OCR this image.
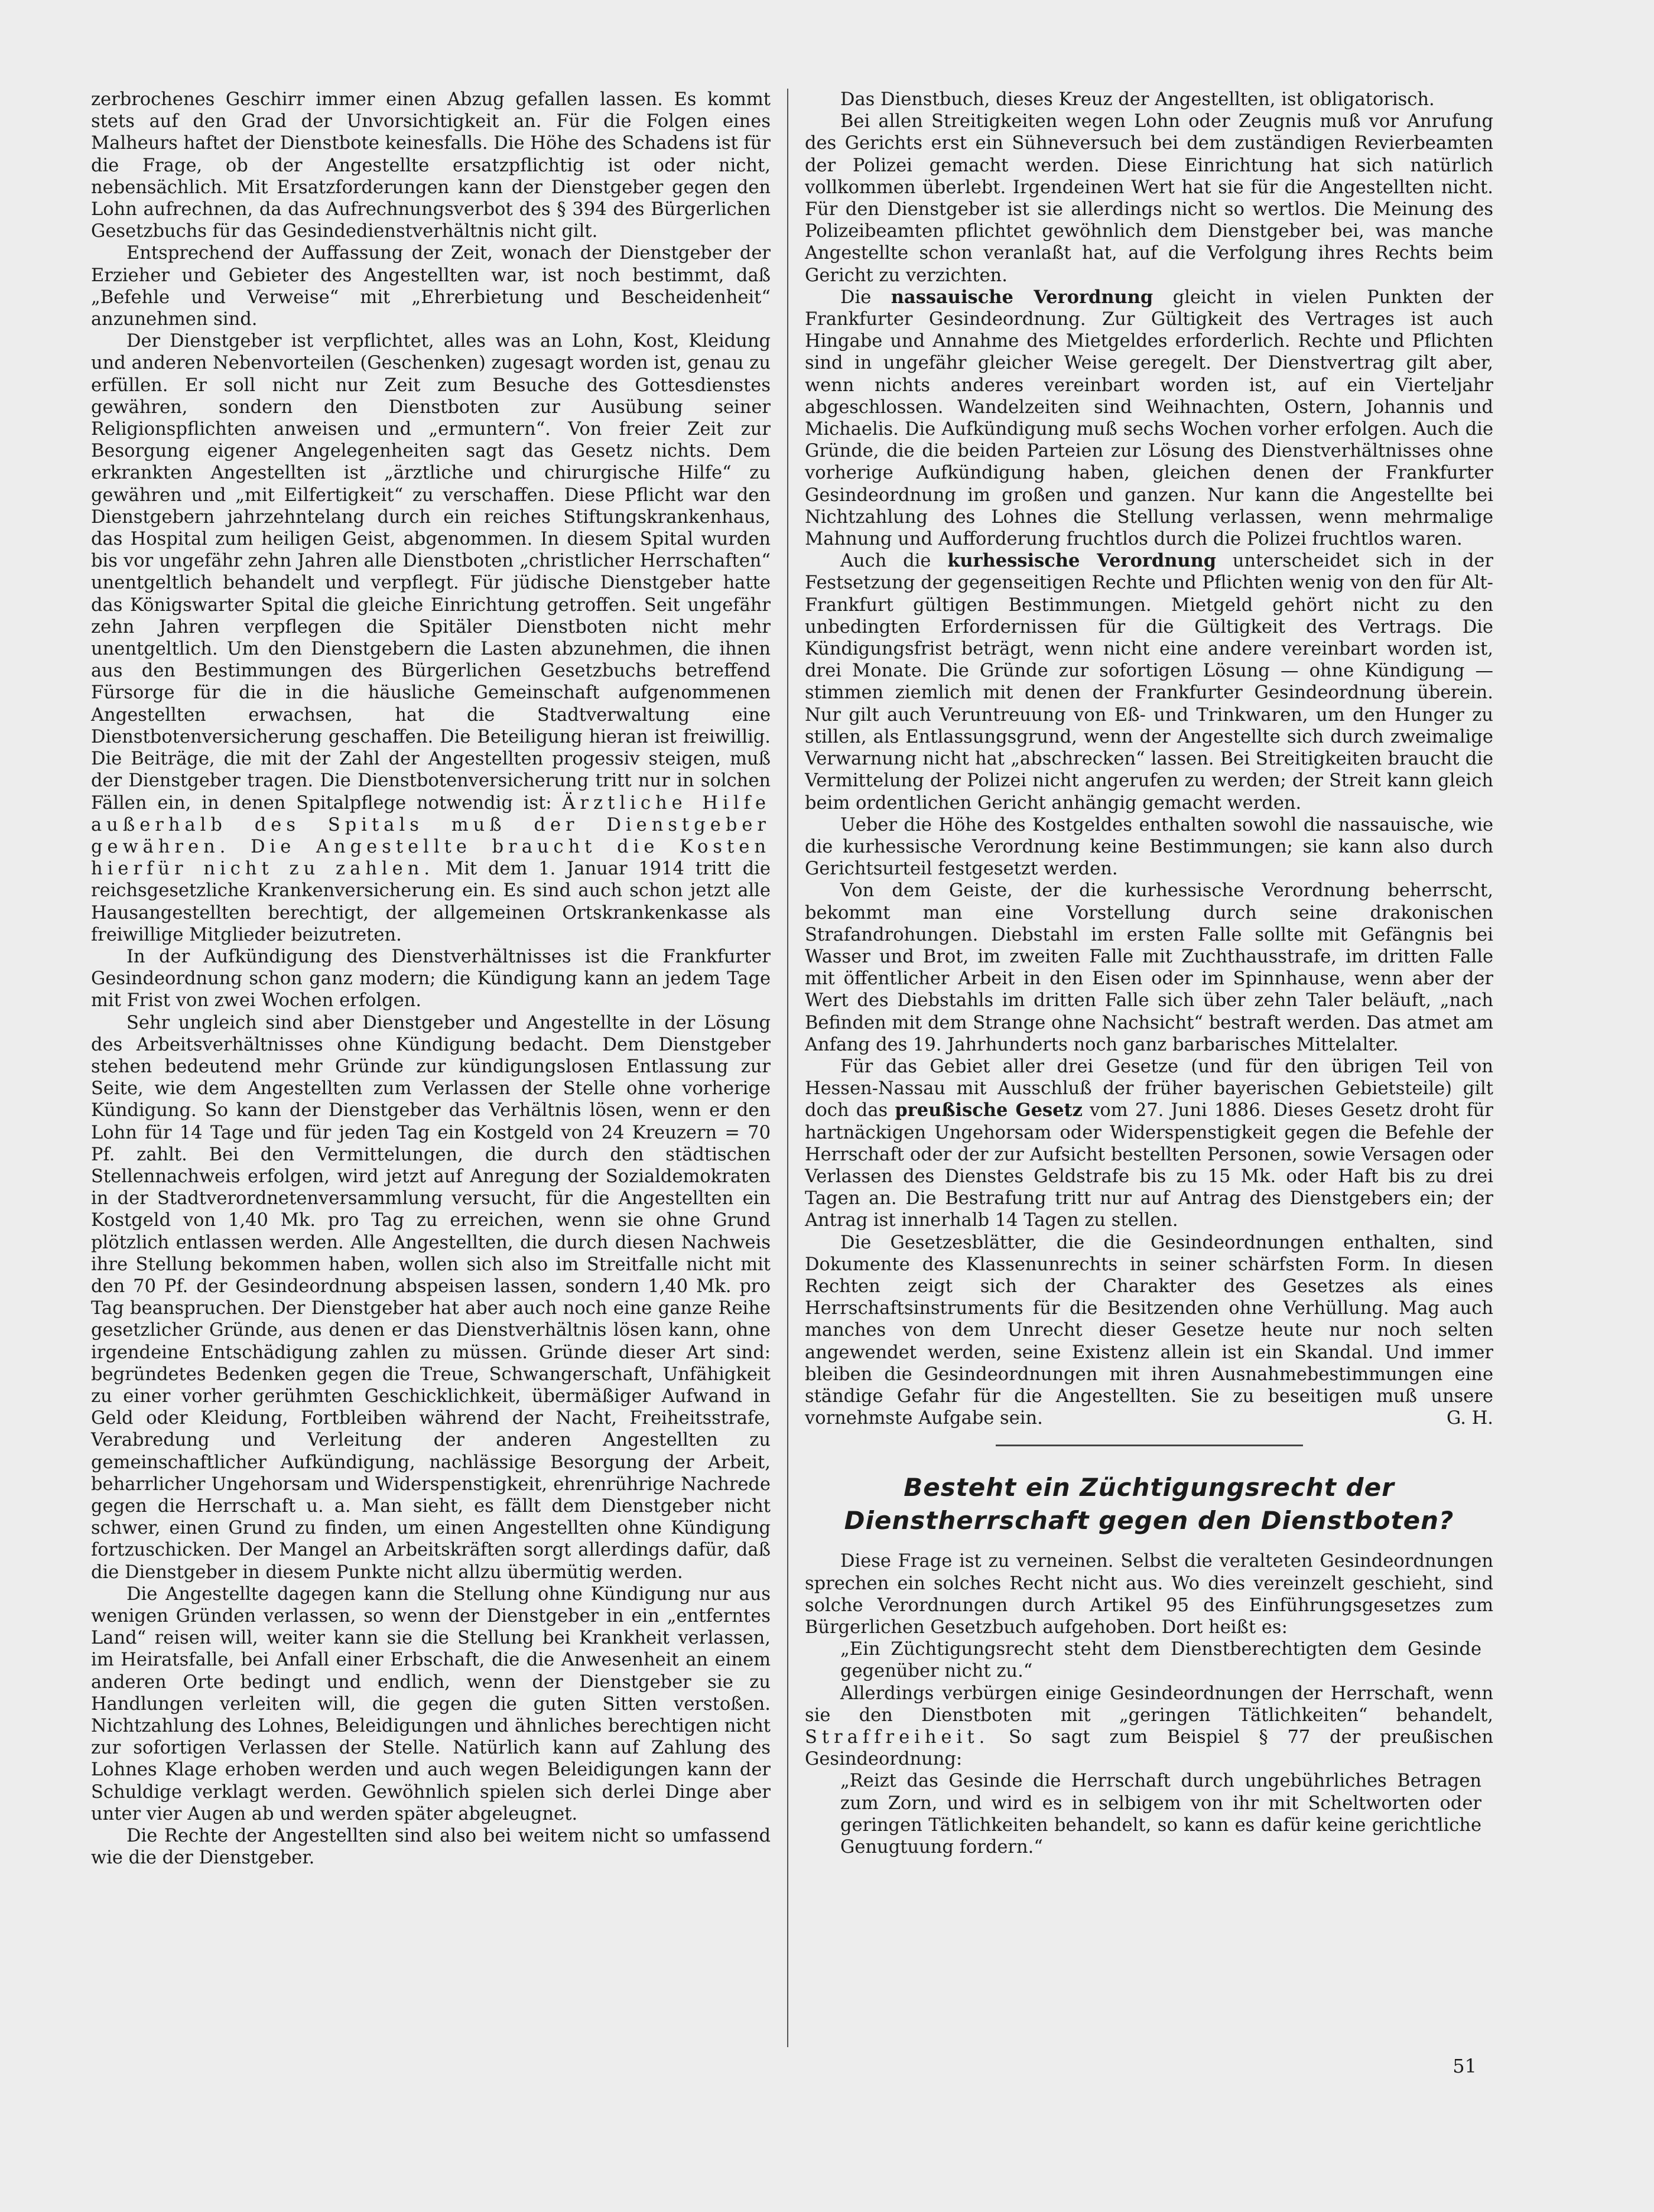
zerbrochenes Geschirr immer einen Abzug gefallen lassen. Es kommt stets auf den Grad der Unvorsichtigkeit an. Für die Folgen eines Malheurs haftet der Dienstbote keinesfalls. Die Höhe des Schadens ist für die Frage, ob der Angestellte ersatzpflichtig ist oder nicht, nebensächlich. Mit Ersatzforderungen kann der Dienstgeber gegen den Lohn aufrechnen, da das Aufrechnungsverbot des § 394 des Bürgerlichen Gesetzbuchs für das Gesindedienstverhältnis nicht gilt.

Entsprechend der Auffassung der Zeit, wonach der Dienstgeber der Erzieher und Gebieter des Angestellten war, ist noch bestimmt, daß „Befehle und Verweise“ mit „Ehrerbietung und Bescheidenheit“ anzunehmen sind.

Der Dienstgeber ist verpflichtet, alles was an Lohn, Kost, Kleidung und anderen Nebenvorteilen (Geschenken) zugesagt worden ist, genau zu erfüllen. Er soll nicht nur Zeit zum Besuche des Gottesdienstes gewähren, sondern den Dienstboten zur Ausübung seiner Religionspflichten anweisen und „ermuntern“. Von freier Zeit zur Besorgung eigener Angelegenheiten sagt das Gesetz nichts. Dem erkrankten Angestellten ist „ärztliche und chirurgische Hilfe“ zu gewähren und „mit Eilfertigkeit“ zu verschaffen. Diese Pflicht war den Dienstgebern jahrzehntelang durch ein reiches Stiftungskrankenhaus, das Hospital zum heiligen Geist, abgenommen. In diesem Spital wurden bis vor ungefähr zehn Jahren alle Dienstboten „christlicher Herrschaften“ unentgeltlich behandelt und verpflegt. Für jüdische Dienstgeber hatte das Königswarter Spital die gleiche Einrichtung getroffen. Seit ungefähr zehn Jahren verpflegen die Spitäler Dienstboten nicht mehr unentgeltlich. Um den Dienstgebern die Lasten abzunehmen, die ihnen aus den Bestimmungen des Bürgerlichen Gesetzbuchs betreffend Fürsorge für die in die häusliche Gemeinschaft aufgenommenen Angestellten erwachsen, hat die Stadtverwaltung eine Dienstbotenversicherung geschaffen. Die Beteiligung hieran ist freiwillig. Die Beiträge, die mit der Zahl der Angestellten progessiv steigen, muß der Dienstgeber tragen. Die Dienstbotenversicherung tritt nur in solchen Fällen ein, in denen Spitalpflege notwendig ist: Ärztliche Hilfe außerhalb des Spitals muß der Dienstgeber gewähren. Die Angestellte braucht die Kosten hierfür nicht zu zahlen. Mit dem 1. Januar 1914 tritt die reichsgesetzliche Krankenversicherung ein. Es sind auch schon jetzt alle Hausangestellten berechtigt, der allgemeinen Ortskrankenkasse als freiwillige Mitglieder beizutreten.

In der Aufkündigung des Dienstverhältnisses ist die Frankfurter Gesindeordnung schon ganz modern; die Kündigung kann an jedem Tage mit Frist von zwei Wochen erfolgen.

Sehr ungleich sind aber Dienstgeber und Angestellte in der Lösung des Arbeitsverhältnisses ohne Kündigung bedacht. Dem Dienstgeber stehen bedeutend mehr Gründe zur kündigungslosen Entlassung zur Seite, wie dem Angestellten zum Verlassen der Stelle ohne vorherige Kündigung. So kann der Dienstgeber das Verhältnis lösen, wenn er den Lohn für 14 Tage und für jeden Tag ein Kostgeld von 24 Kreuzern = 70 Pf. zahlt. Bei den Vermittelungen, die durch den städtischen Stellennachweis erfolgen, wird jetzt auf Anregung der Sozialdemokraten in der Stadtverordnetenversammlung versucht, für die Angestellten ein Kostgeld von 1,40 Mk. pro Tag zu erreichen, wenn sie ohne Grund plötzlich entlassen werden. Alle Angestellten, die durch diesen Nachweis ihre Stellung bekommen haben, wollen sich also im Streitfalle nicht mit den 70 Pf. der Gesindeordnung abspeisen lassen, sondern 1,40 Mk. pro Tag beanspruchen. Der Dienstgeber hat aber auch noch eine ganze Reihe gesetzlicher Gründe, aus denen er das Dienstverhältnis lösen kann, ohne irgendeine Entschädigung zahlen zu müssen. Gründe dieser Art sind: begründetes Bedenken gegen die Treue, Schwangerschaft, Unfähigkeit zu einer vorher gerühmten Geschicklichkeit, übermäßiger Aufwand in Geld oder Kleidung, Fortbleiben während der Nacht, Freiheitsstrafe, Verabredung und Verleitung der anderen Angestellten zu gemeinschaftlicher Aufkündigung, nachlässige Besorgung der Arbeit, beharrlicher Ungehorsam und Widerspenstigkeit, ehrenrührige Nachrede gegen die Herrschaft u. a. Man sieht, es fällt dem Dienstgeber nicht schwer, einen Grund zu finden, um einen Angestellten ohne Kündigung fortzuschicken. Der Mangel an Arbeitskräften sorgt allerdings dafür, daß die Dienstgeber in diesem Punkte nicht allzu übermütig werden.

Die Angestellte dagegen kann die Stellung ohne Kündigung nur aus wenigen Gründen verlassen, so wenn der Dienstgeber in ein „entferntes Land“ reisen will, weiter kann sie die Stellung bei Krankheit verlassen, im Heiratsfalle, bei Anfall einer Erbschaft, die die Anwesenheit an einem anderen Orte bedingt und endlich, wenn der Dienstgeber sie zu Handlungen verleiten will, die gegen die guten Sitten verstoßen. Nichtzahlung des Lohnes, Beleidigungen und ähnliches berechtigen nicht zur sofortigen Verlassen der Stelle. Natürlich kann auf Zahlung des Lohnes Klage erhoben werden und auch wegen Beleidigungen kann der Schuldige verklagt werden. Gewöhnlich spielen sich derlei Dinge aber unter vier Augen ab und werden später abgeleugnet.

Die Rechte der Angestellten sind also bei weitem nicht so umfassend wie die der Dienstgeber.

Das Dienstbuch, dieses Kreuz der Angestellten, ist obligatorisch.

Bei allen Streitigkeiten wegen Lohn oder Zeugnis muß vor Anrufung des Gerichts erst ein Sühneversuch bei dem zuständigen Revierbeamten der Polizei gemacht werden. Diese Einrichtung hat sich natürlich vollkommen überlebt. Irgendeinen Wert hat sie für die Angestellten nicht. Für den Dienstgeber ist sie allerdings nicht so wertlos. Die Meinung des Polizeibeamten pflichtet gewöhnlich dem Dienstgeber bei, was manche Angestellte schon veranlaßt hat, auf die Verfolgung ihres Rechts beim Gericht zu verzichten.

Die nassauische Verordnung gleicht in vielen Punkten der Frankfurter Gesindeordnung. Zur Gültigkeit des Vertrages ist auch Hingabe und Annahme des Mietgeldes erforderlich. Rechte und Pflichten sind in ungefähr gleicher Weise geregelt. Der Dienstvertrag gilt aber, wenn nichts anderes vereinbart worden ist, auf ein Vierteljahr abgeschlossen. Wandelzeiten sind Weihnachten, Ostern, Johannis und Michaelis. Die Aufkündigung muß sechs Wochen vorher erfolgen. Auch die Gründe, die die beiden Parteien zur Lösung des Dienstverhältnisses ohne vorherige Aufkündigung haben, gleichen denen der Frankfurter Gesindeordnung im großen und ganzen. Nur kann die Angestellte bei Nichtzahlung des Lohnes die Stellung verlassen, wenn mehrmalige Mahnung und Aufforderung fruchtlos durch die Polizei fruchtlos waren.

Auch die kurhessische Verordnung unterscheidet sich in der Festsetzung der gegenseitigen Rechte und Pflichten wenig von den für Alt-Frankfurt gültigen Bestimmungen. Mietgeld gehört nicht zu den unbedingten Erfordernissen für die Gültigkeit des Vertrags. Die Kündigungsfrist beträgt, wenn nicht eine andere vereinbart worden ist, drei Monate. Die Gründe zur sofortigen Lösung — ohne Kündigung — stimmen ziemlich mit denen der Frankfurter Gesindeordnung überein. Nur gilt auch Veruntreuung von Eß- und Trinkwaren, um den Hunger zu stillen, als Entlassungsgrund, wenn der Angestellte sich durch zweimalige Verwarnung nicht hat „abschrecken“ lassen. Bei Streitigkeiten braucht die Vermittelung der Polizei nicht angerufen zu werden; der Streit kann gleich beim ordentlichen Gericht anhängig gemacht werden.

Ueber die Höhe des Kostgeldes enthalten sowohl die nassauische, wie die kurhessische Verordnung keine Bestimmungen; sie kann also durch Gerichtsurteil festgesetzt werden.

Von dem Geiste, der die kurhessische Verordnung beherrscht, bekommt man eine Vorstellung durch seine drakonischen Strafandrohungen. Diebstahl im ersten Falle sollte mit Gefängnis bei Wasser und Brot, im zweiten Falle mit Zuchthausstrafe, im dritten Falle mit öffentlicher Arbeit in den Eisen oder im Spinnhause, wenn aber der Wert des Diebstahls im dritten Falle sich über zehn Taler beläuft, „nach Befinden mit dem Strange ohne Nachsicht“ bestraft werden. Das atmet am Anfang des 19. Jahrhunderts noch ganz barbarisches Mittelalter.

Für das Gebiet aller drei Gesetze (und für den übrigen Teil von Hessen-Nassau mit Ausschluß der früher bayerischen Gebietsteile) gilt doch das preußische Gesetz vom 27. Juni 1886. Dieses Gesetz droht für hartnäckigen Ungehorsam oder Widerspenstigkeit gegen die Befehle der Herrschaft oder der zur Aufsicht bestellten Personen, sowie Versagen oder Verlassen des Dienstes Geldstrafe bis zu 15 Mk. oder Haft bis zu drei Tagen an. Die Bestrafung tritt nur auf Antrag des Dienstgebers ein; der Antrag ist innerhalb 14 Tagen zu stellen.

Die Gesetzesblätter, die die Gesindeordnungen enthalten, sind Dokumente des Klassenunrechts in seiner schärfsten Form. In diesen Rechten zeigt sich der Charakter des Gesetzes als eines Herrschaftsinstruments für die Besitzenden ohne Verhüllung. Mag auch manches von dem Unrecht dieser Gesetze heute nur noch selten angewendet werden, seine Existenz allein ist ein Skandal. Und immer bleiben die Gesindeordnungen mit ihren Ausnahmebestimmungen eine ständige Gefahr für die Angestellten. Sie zu beseitigen muß unsere vornehmste Aufgabe sein.	G. H.

Besteht ein Züchtigungsrecht der Dienstherrschaft gegen den Dienstboten?

Diese Frage ist zu verneinen. Selbst die veralteten Gesindeordnungen sprechen ein solches Recht nicht aus. Wo dies vereinzelt geschieht, sind solche Verordnungen durch Artikel 95 des Einführungsgesetzes zum Bürgerlichen Gesetzbuch aufgehoben. Dort heißt es:

„Ein Züchtigungsrecht steht dem Dienstberechtigten dem Gesinde gegenüber nicht zu.“

Allerdings verbürgen einige Gesindeordnungen der Herrschaft, wenn sie den Dienstboten mit „geringen Tätlichkeiten“ behandelt, Straffreiheit. So sagt zum Beispiel § 77 der preußischen Gesindeordnung:

„Reizt das Gesinde die Herrschaft durch ungebührliches Betragen zum Zorn, und wird es in selbigem von ihr mit Scheltworten oder geringen Tätlichkeiten behandelt, so kann es dafür keine gerichtliche Genugtuung fordern.“

51
